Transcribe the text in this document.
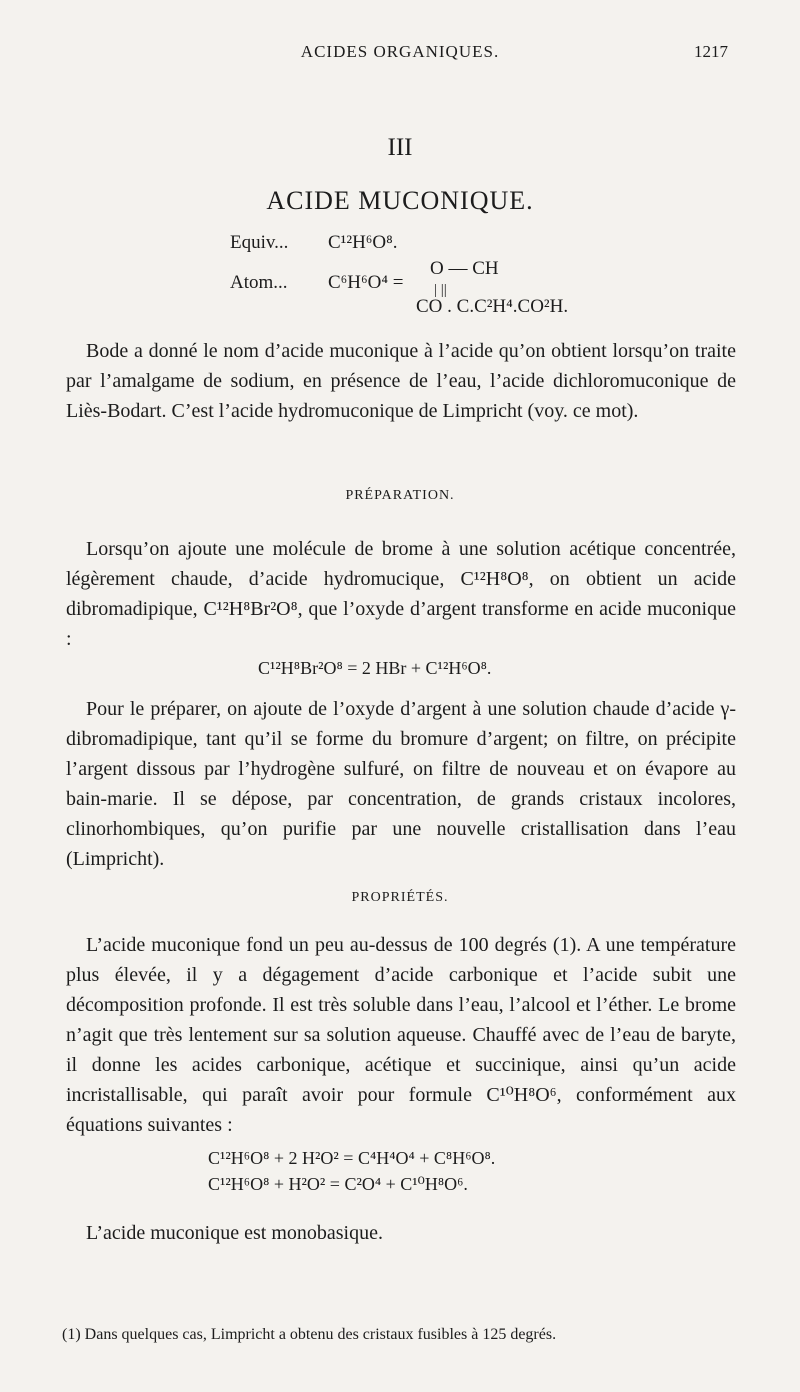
ACIDES ORGANIQUES.	1217
III
ACIDE MUCONIQUE.
Equiv... C¹²H⁶O⁸.
O — CH
Atom... C⁶H⁶O⁴ = | ||
CO . C.C²H⁴.CO²H.

Bode a donné le nom d’acide muconique à l’acide qu’on obtient lorsqu’on traite par l’amalgame de sodium, en présence de l’eau, l’acide dichloromuconique de Liès-Bodart. C’est l’acide hydromuconique de Limpricht (voy. ce mot).

PRÉPARATION.

Lorsqu’on ajoute une molécule de brome à une solution acétique concentrée, légèrement chaude, d’acide hydromucique, C¹²H⁸O⁸, on obtient un acide dibromadipique, C¹²H⁸Br²O⁸, que l’oxyde d’argent transforme en acide muconique :

C¹²H⁸Br²O⁸ = 2 HBr + C¹²H⁶O⁸.

Pour le préparer, on ajoute de l’oxyde d’argent à une solution chaude d’acide γ-dibromadipique, tant qu’il se forme du bromure d’argent; on filtre, on précipite l’argent dissous par l’hydrogène sulfuré, on filtre de nouveau et on évapore au bain-marie. Il se dépose, par concentration, de grands cristaux incolores, clinorhombiques, qu’on purifie par une nouvelle cristallisation dans l’eau (Limpricht).

PROPRIÉTÉS.

L’acide muconique fond un peu au-dessus de 100 degrés (1). A une température plus élevée, il y a dégagement d’acide carbonique et l’acide subit une décomposition profonde. Il est très soluble dans l’eau, l’alcool et l’éther. Le brome n’agit que très lentement sur sa solution aqueuse. Chauffé avec de l’eau de baryte, il donne les acides carbonique, acétique et succinique, ainsi qu’un acide incristallisable, qui paraît avoir pour formule C¹⁰H⁸O⁶, conformément aux équations suivantes :

C¹²H⁶O⁸ + 2 H²O² = C⁴H⁴O⁴ + C⁸H⁶O⁸.
C¹²H⁶O⁸ + H²O² = C²O⁴ + C¹⁰H⁸O⁶.

L’acide muconique est monobasique.

(1) Dans quelques cas, Limpricht a obtenu des cristaux fusibles à 125 degrés.
